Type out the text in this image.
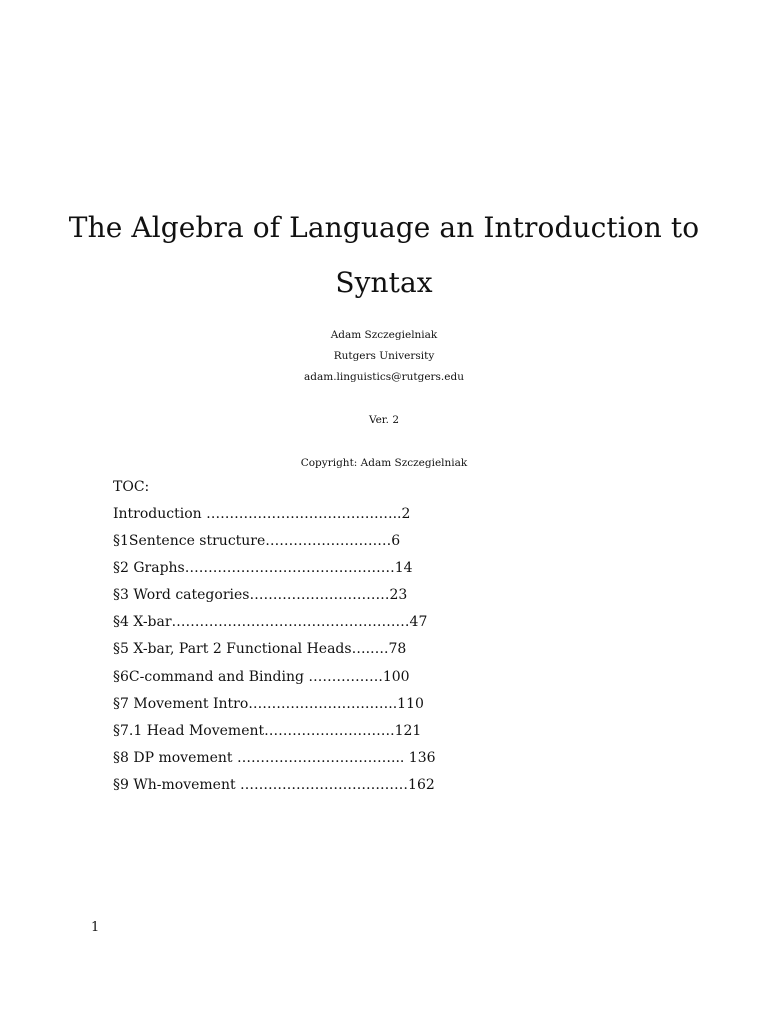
The Algebra of Language an Introduction to
Syntax
Adam Szczegielniak
Rutgers University
adam.linguistics@rutgers.edu
Ver. 2
Copyright: Adam Szczegielniak
TOC:
Introduction ……………………………….…..2
§1Sentence structure………………………6
§2 Graphs………………………………………14
§3 Word categories…………………………23
§4 X-bar……………………………………………47
§5 X-bar, Part 2 Functional Heads….….78
§6C-command and Binding …………….100
§7 Movement Intro…………………………..110
§7.1 Head Movement……………………….121
§8 DP movement ……………………………... 136
§9 Wh-movement ………………………………162
1
